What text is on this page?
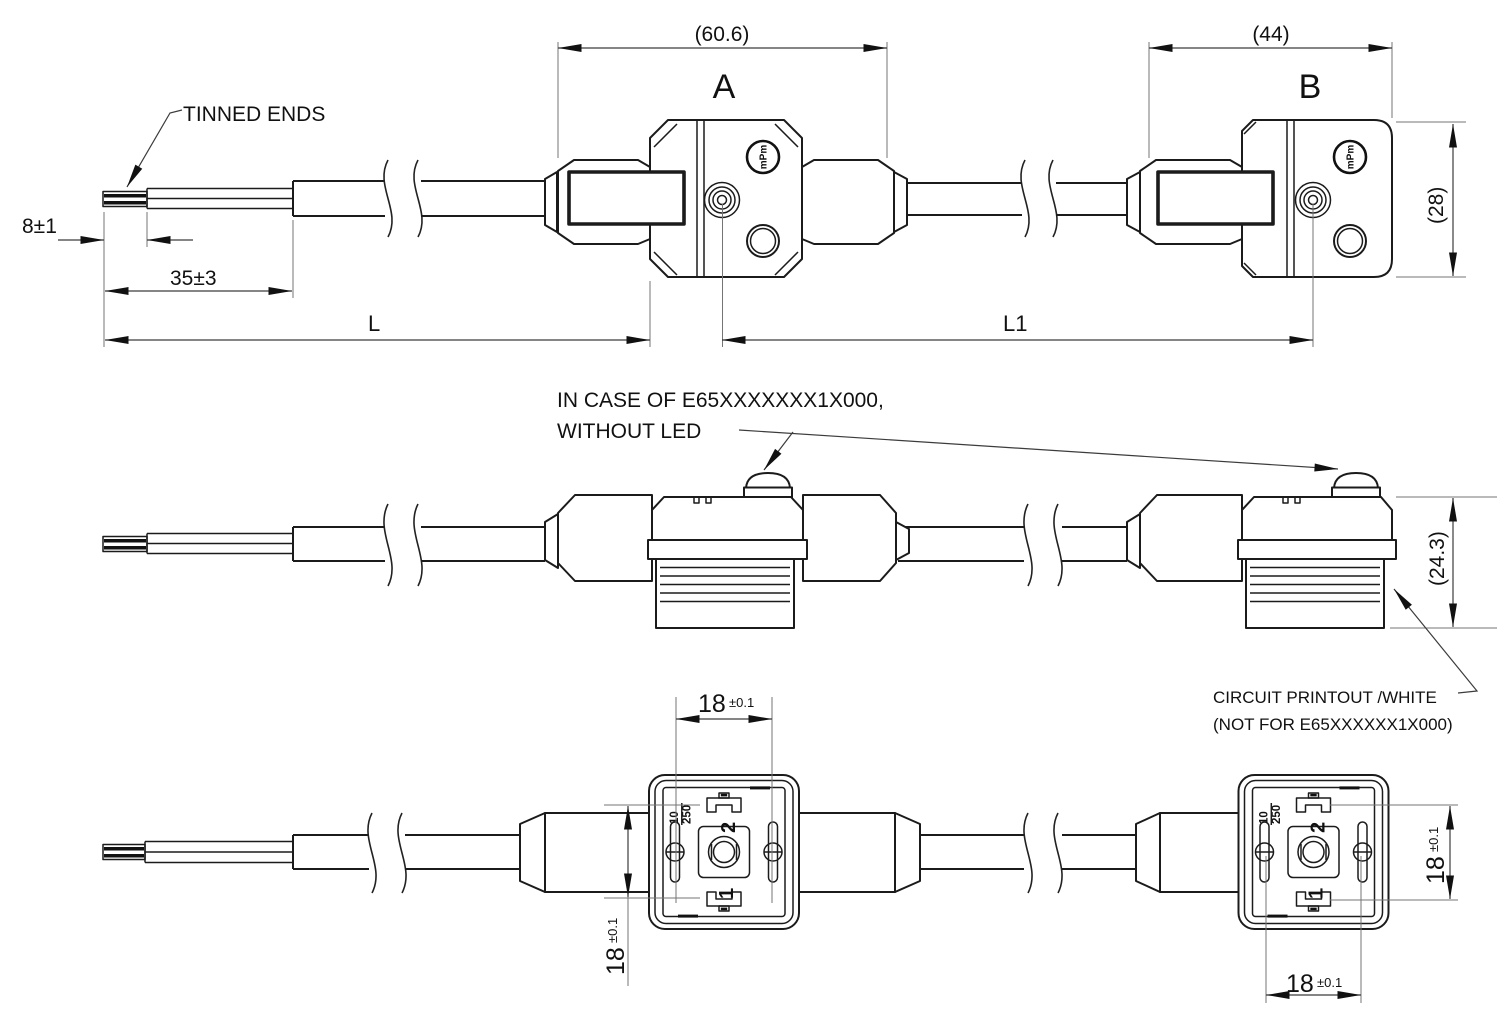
8±1
35±3
L	L1
(60.6)	(44)
(28)
A	B
TINNED ENDS
IN CASE OF E65XXXXXXX1X000,
WITHOUT LED
(24.3)
CIRCUIT PRINTOUT /WHITE
(NOT FOR E65XXXXXX1X000)
18 ±0.1
18
±0.1
18
±0.1
18 ±0.1
